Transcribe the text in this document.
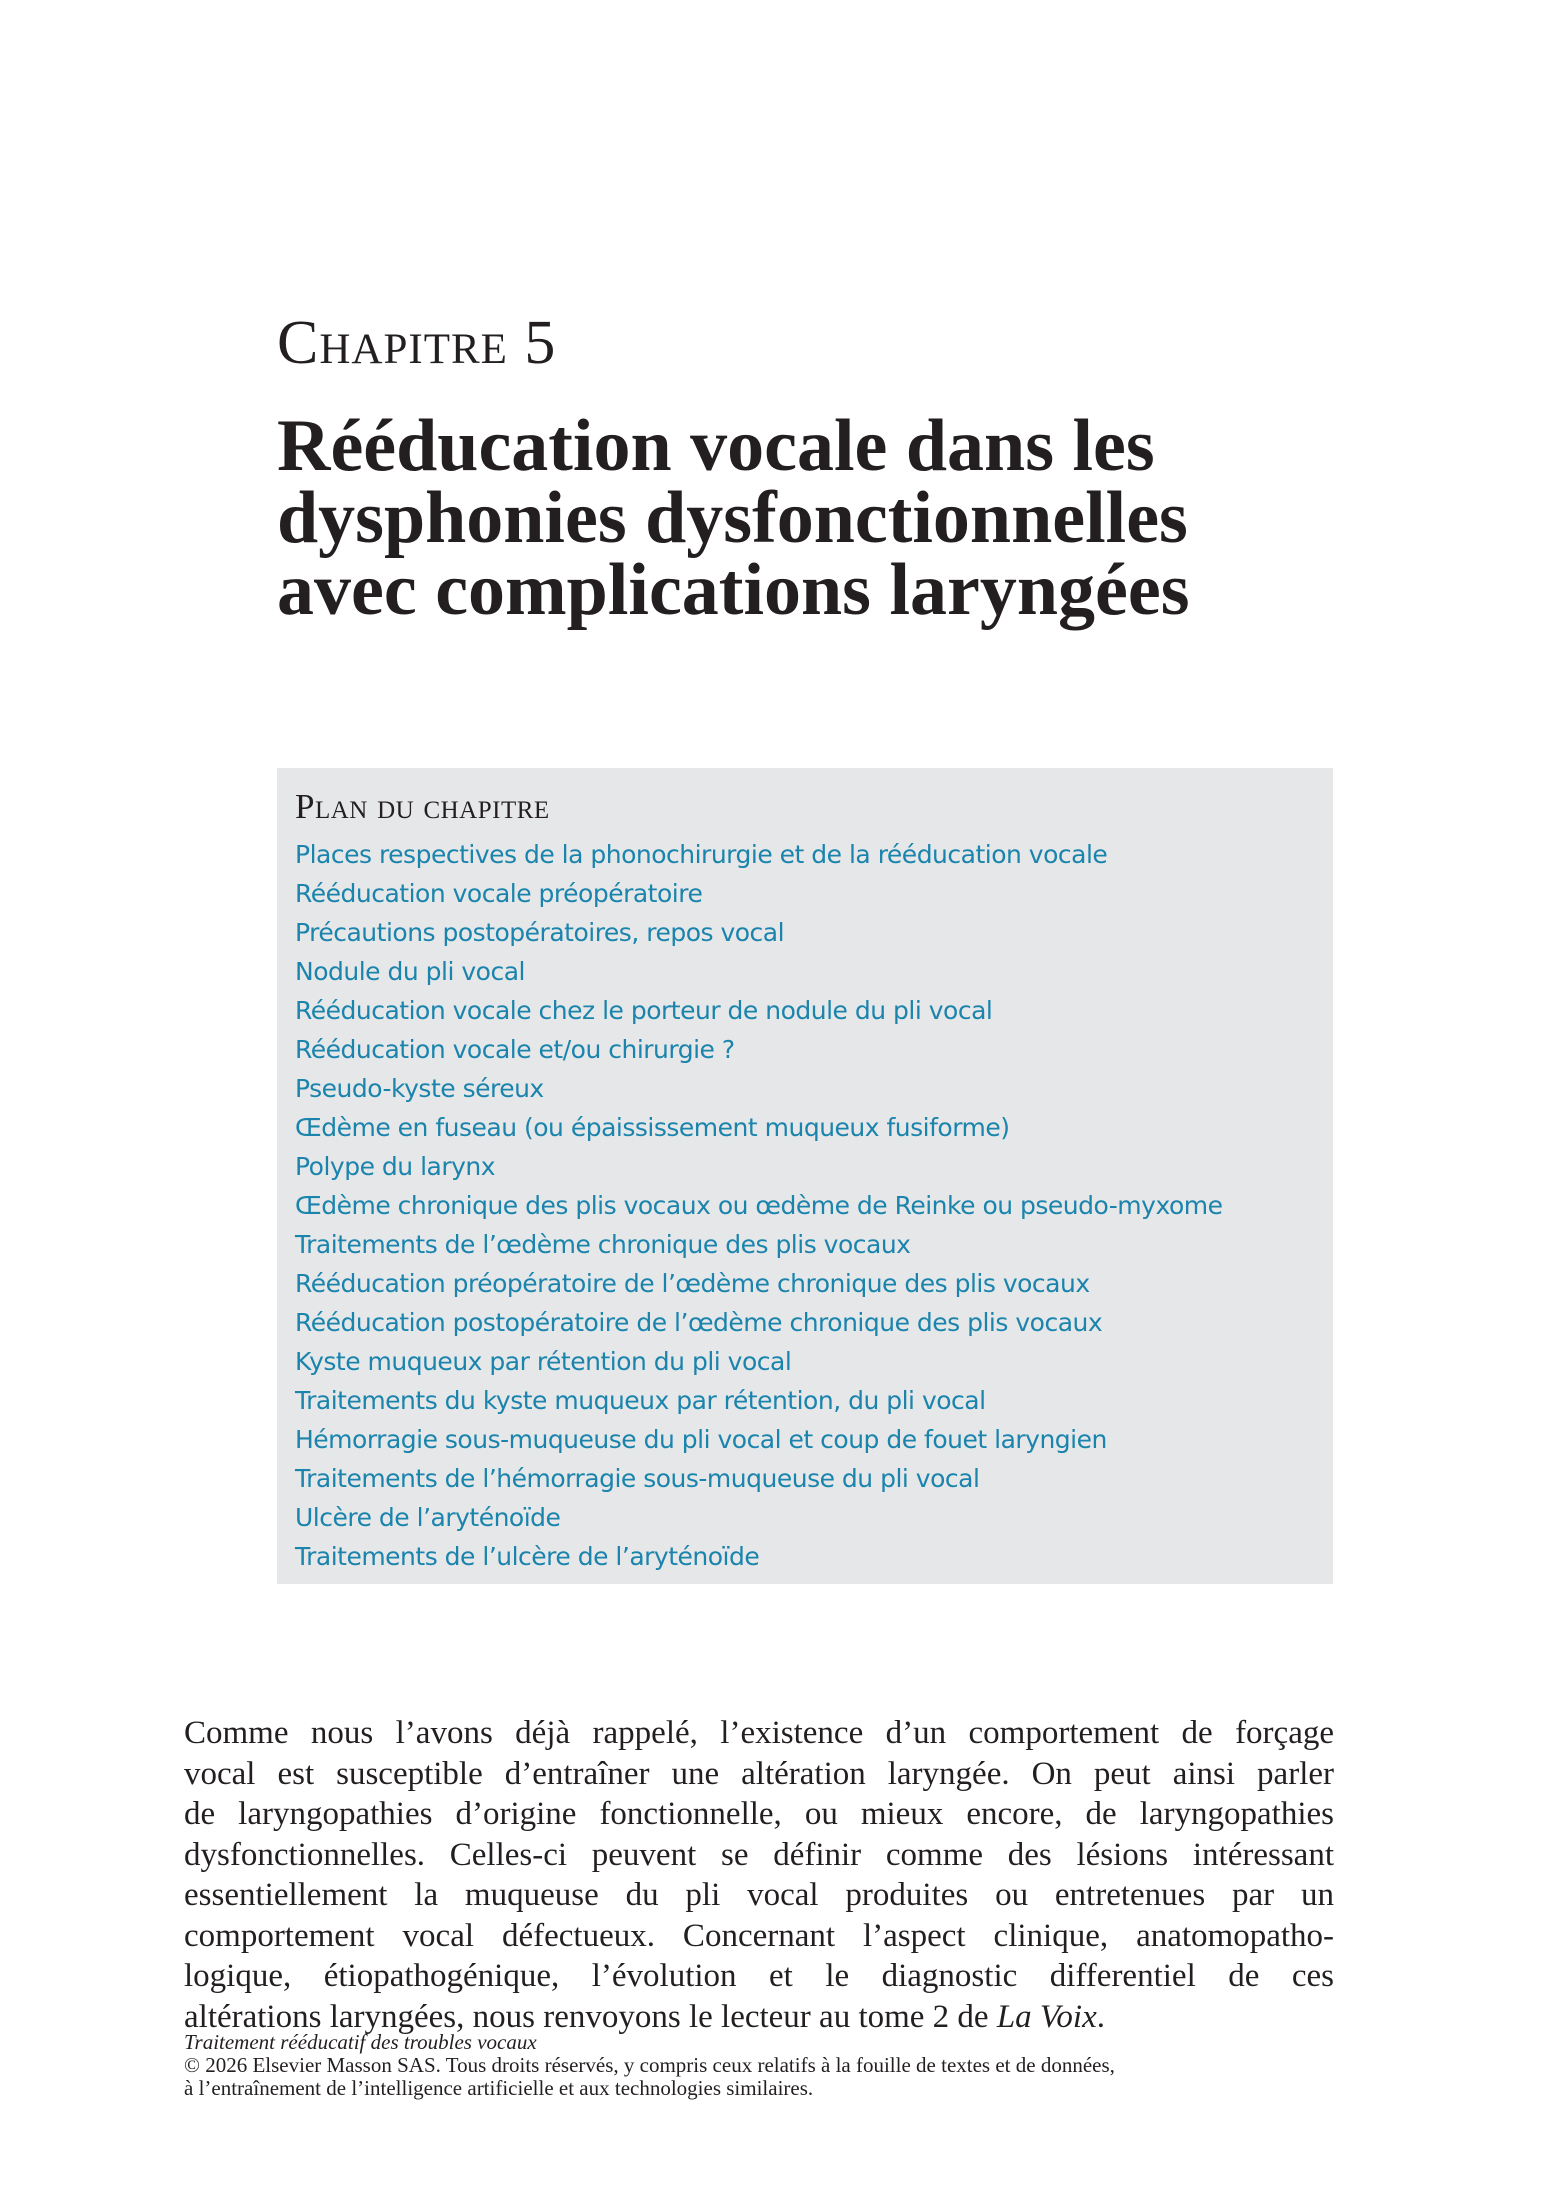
Chapitre 5
Rééducation vocale dans les
dysphonies dysfonctionnelles
avec complications laryngées
Plan du chapitre
Places respectives de la phonochirurgie et de la rééducation vocale
Rééducation vocale préopératoire
Précautions postopératoires, repos vocal
Nodule du pli vocal
Rééducation vocale chez le porteur de nodule du pli vocal
Rééducation vocale et/ou chirurgie ?
Pseudo-kyste séreux
Œdème en fuseau (ou épaississement muqueux fusiforme)
Polype du larynx
Œdème chronique des plis vocaux ou œdème de Reinke ou pseudo-myxome
Traitements de l’œdème chronique des plis vocaux
Rééducation préopératoire de l’œdème chronique des plis vocaux
Rééducation postopératoire de l’œdème chronique des plis vocaux
Kyste muqueux par rétention du pli vocal
Traitements du kyste muqueux par rétention, du pli vocal
Hémorragie sous-muqueuse du pli vocal et coup de fouet laryngien
Traitements de l’hémorragie sous-muqueuse du pli vocal
Ulcère de l’aryténoïde
Traitements de l’ulcère de l’aryténoïde

Comme nous l’avons déjà rappelé, l’existence d’un comportement de forçage
vocal est susceptible d’entraîner une altération laryngée. On peut ainsi parler
de laryngopathies d’origine fonctionnelle, ou mieux encore, de laryngopathies
dysfonctionnelles. Celles-ci peuvent se définir comme des lésions intéressant
essentiellement la muqueuse du pli vocal produites ou entretenues par un
comportement vocal défectueux. Concernant l’aspect clinique, anatomopatho-
logique, étiopathogénique, l’évolution et le diagnostic differentiel de ces
altérations laryngées, nous renvoyons le lecteur au tome 2 de La Voix.

Traitement rééducatif des troubles vocaux
© 2026 Elsevier Masson SAS. Tous droits réservés, y compris ceux relatifs à la fouille de textes et de données,
à l’entraînement de l’intelligence artificielle et aux technologies similaires.
